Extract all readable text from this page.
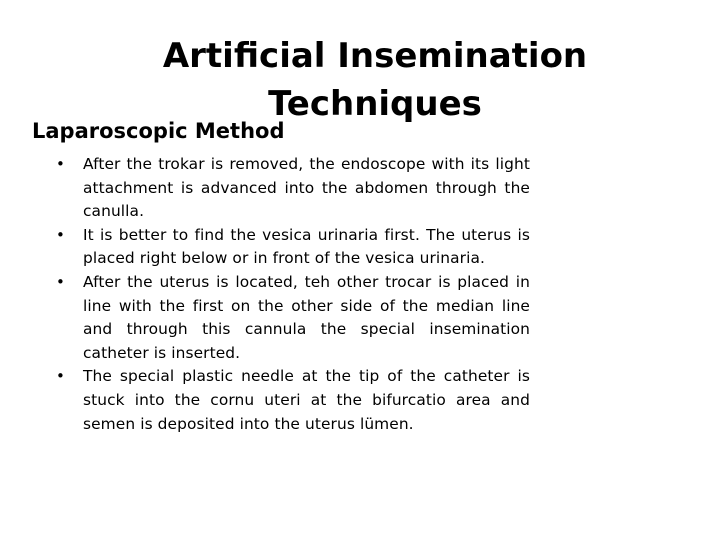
Artificial Insemination Techniques
Laparoscopic Method
• After the trokar is removed, the endoscope with its light attachment is advanced into the abdomen through the canulla.
• It is better to find the vesica urinaria first. The uterus is placed right below or in front of the vesica urinaria.
• After the uterus is located, teh other trocar is placed in line with the first on the other side of the median line and through this cannula the special insemination catheter is inserted.
• The special plastic needle at the tip of the catheter is stuck into the cornu uteri at the bifurcatio area and semen is deposited into the uterus lümen.
